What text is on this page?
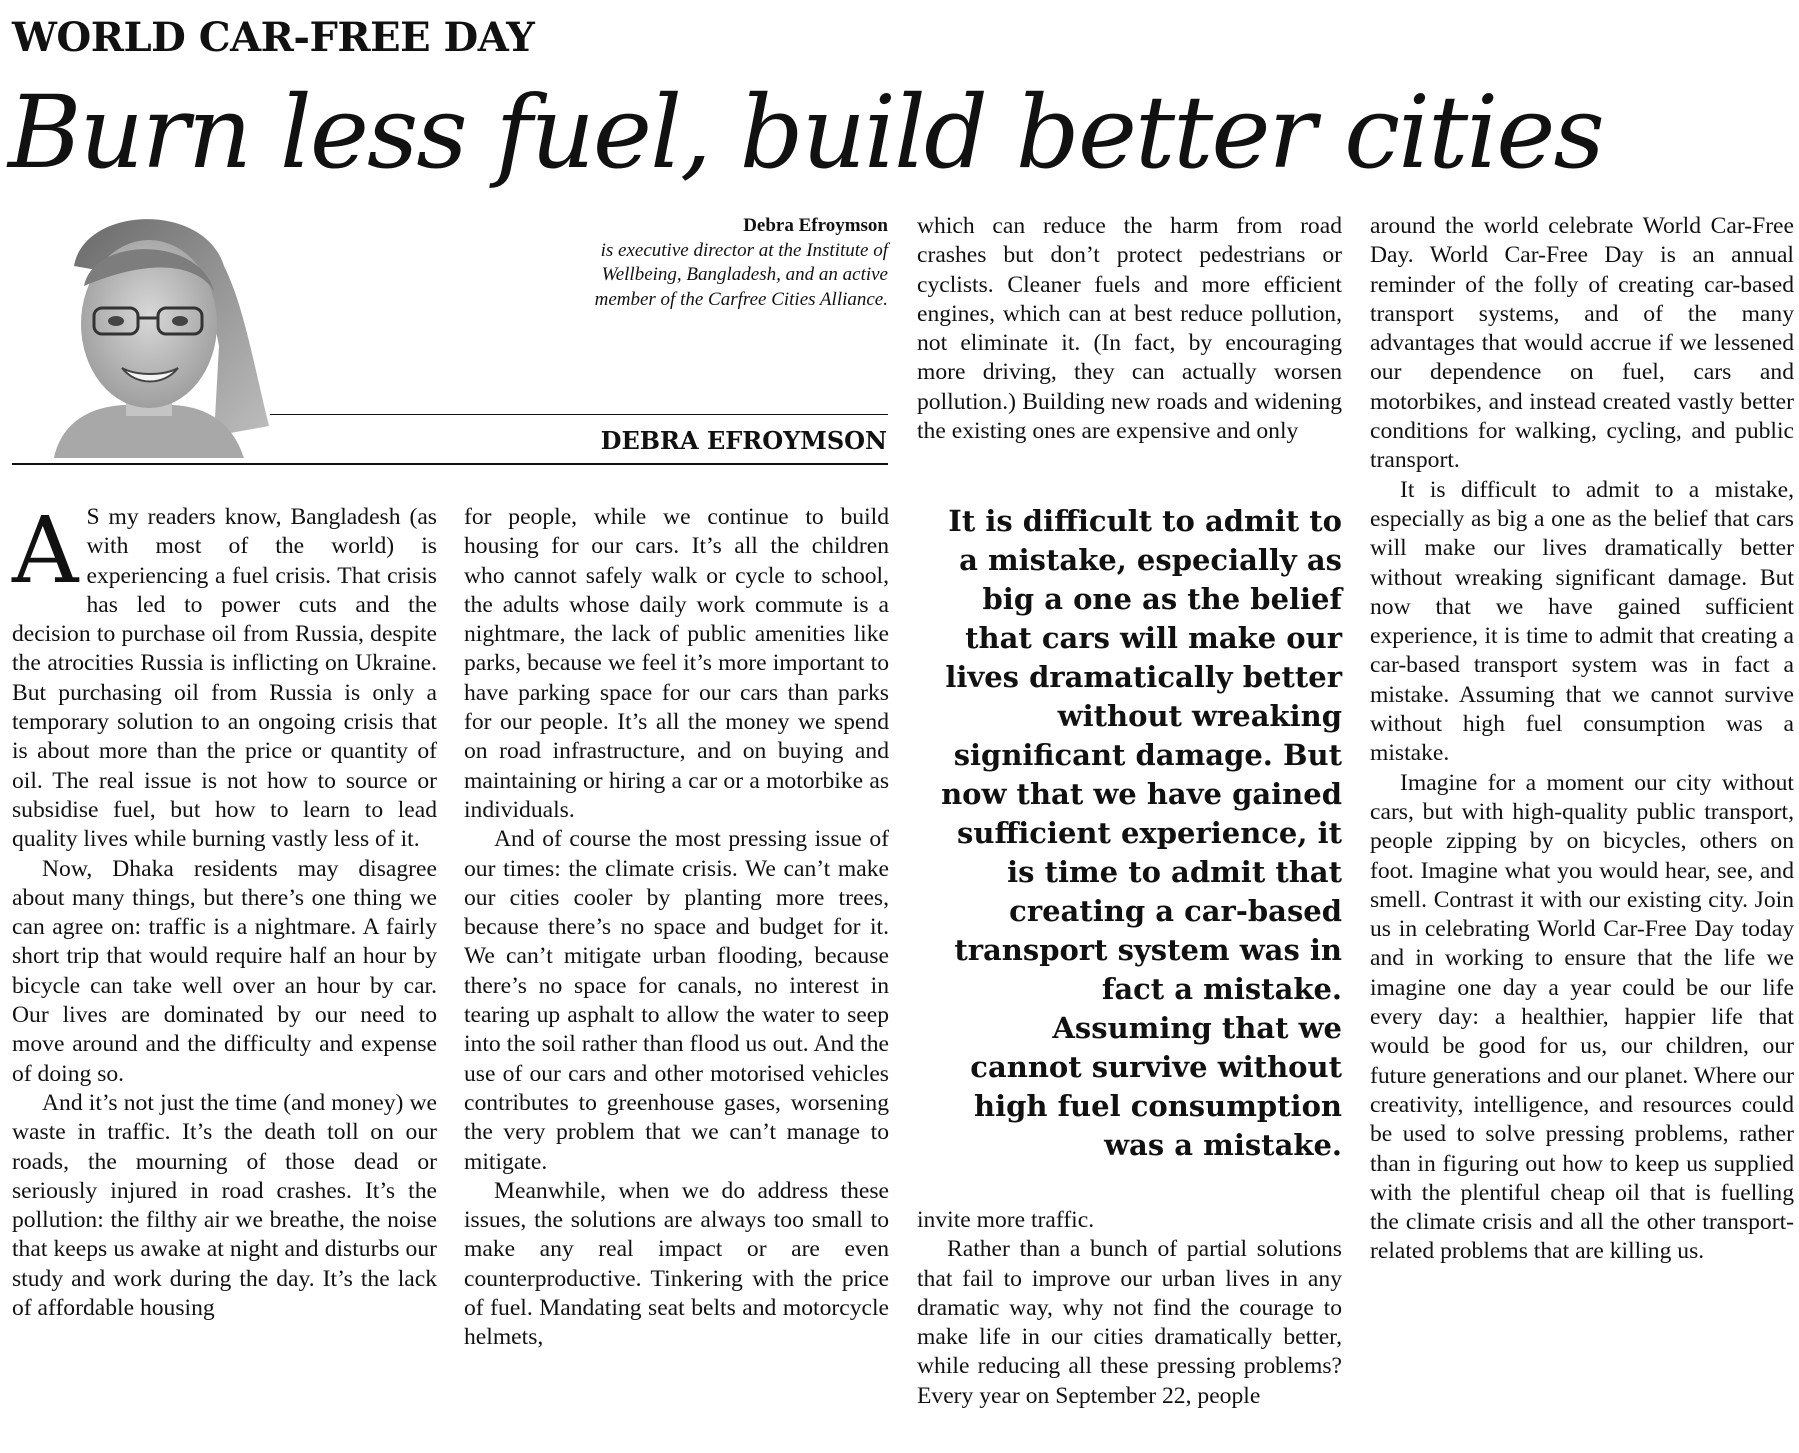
WORLD CAR-FREE DAY
Burn less fuel, build better cities
Debra Efroymson
is executive director at the Institute of Wellbeing, Bangladesh, and an active member of the Carfree Cities Alliance.
DEBRA EFROYMSON

A S my readers know, Bangladesh (as with most of the world) is experiencing a fuel crisis. That crisis has led to power cuts and the decision to purchase oil from Russia, despite the atrocities Russia is inflicting on Ukraine. But purchasing oil from Russia is only a temporary solution to an ongoing crisis that is about more than the price or quantity of oil. The real issue is not how to source or subsidise fuel, but how to learn to lead quality lives while burning vastly less of it.

Now, Dhaka residents may disagree about many things, but there’s one thing we can agree on: traffic is a nightmare. A fairly short trip that would require half an hour by bicycle can take well over an hour by car. Our lives are dominated by our need to move around and the difficulty and expense of doing so.

And it’s not just the time (and money) we waste in traffic. It’s the death toll on our roads, the mourning of those dead or seriously injured in road crashes. It’s the pollution: the filthy air we breathe, the noise that keeps us awake at night and disturbs our study and work during the day. It’s the lack of affordable housing

for people, while we continue to build housing for our cars. It’s all the children who cannot safely walk or cycle to school, the adults whose daily work commute is a nightmare, the lack of public amenities like parks, because we feel it’s more important to have parking space for our cars than parks for our people. It’s all the money we spend on road infrastructure, and on buying and maintaining or hiring a car or a motorbike as individuals.

And of course the most pressing issue of our times: the climate crisis. We can’t make our cities cooler by planting more trees, because there’s no space and budget for it. We can’t mitigate urban flooding, because there’s no space for canals, no interest in tearing up asphalt to allow the water to seep into the soil rather than flood us out. And the use of our cars and other motorised vehicles contributes to greenhouse gases, worsening the very problem that we can’t manage to mitigate.

Meanwhile, when we do address these issues, the solutions are always too small to make any real impact or are even counterproductive. Tinkering with the price of fuel. Mandating seat belts and motorcycle helmets,

which can reduce the harm from road crashes but don’t protect pedestrians or cyclists. Cleaner fuels and more efficient engines, which can at best reduce pollution, not eliminate it. (In fact, by encouraging more driving, they can actually worsen pollution.) Building new roads and widening the existing ones are expensive and only

It is difficult to admit to a mistake, especially as big a one as the belief that cars will make our lives dramatically better without wreaking significant damage. But now that we have gained sufficient experience, it is time to admit that creating a car-based transport system was in fact a mistake. Assuming that we cannot survive without high fuel consumption was a mistake.

invite more traffic.

Rather than a bunch of partial solutions that fail to improve our urban lives in any dramatic way, why not find the courage to make life in our cities dramatically better, while reducing all these pressing problems? Every year on September 22, people

around the world celebrate World Car-Free Day. World Car-Free Day is an annual reminder of the folly of creating car-based transport systems, and of the many advantages that would accrue if we lessened our dependence on fuel, cars and motorbikes, and instead created vastly better conditions for walking, cycling, and public transport.

It is difficult to admit to a mistake, especially as big a one as the belief that cars will make our lives dramatically better without wreaking significant damage. But now that we have gained sufficient experience, it is time to admit that creating a car-based transport system was in fact a mistake. Assuming that we cannot survive without high fuel consumption was a mistake.

Imagine for a moment our city without cars, but with high-quality public transport, people zipping by on bicycles, others on foot. Imagine what you would hear, see, and smell. Contrast it with our existing city. Join us in celebrating World Car-Free Day today and in working to ensure that the life we imagine one day a year could be our life every day: a healthier, happier life that would be good for us, our children, our future generations and our planet. Where our creativity, intelligence, and resources could be used to solve pressing problems, rather than in figuring out how to keep us supplied with the plentiful cheap oil that is fuelling the climate crisis and all the other transport-related problems that are killing us.
